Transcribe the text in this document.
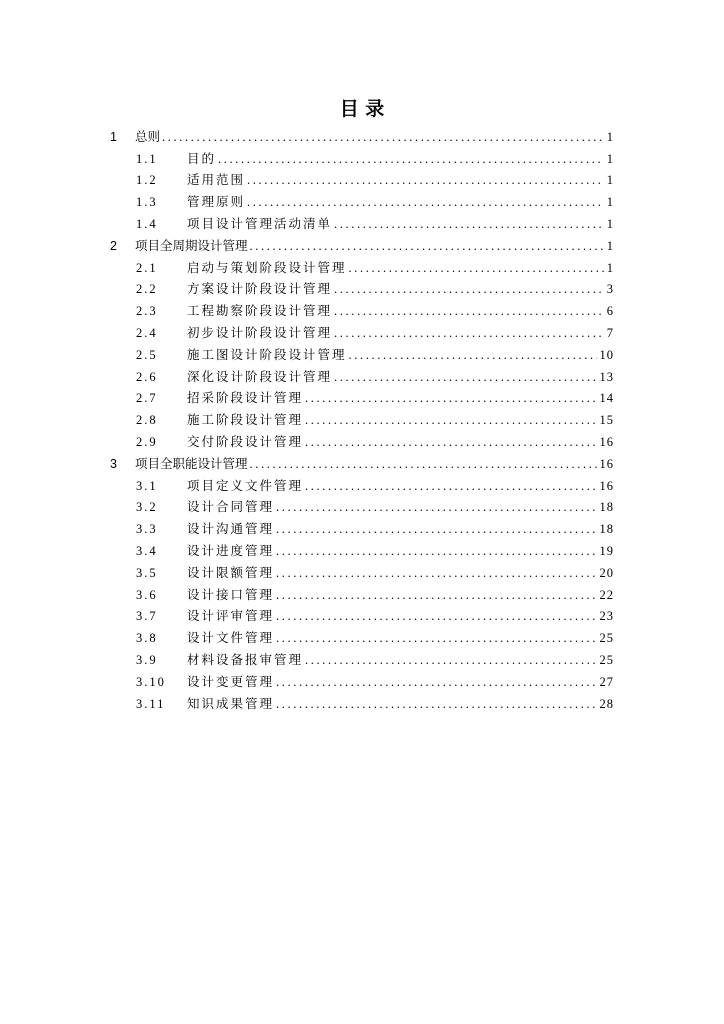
目 录
1 总则 . . .	1
1.1 目的 . . .	1
1.2 适用范围 . . .	1
1.3 管理原则 . . .	1
1.4 项目设计管理活动清单 . . .	1
2 项目全周期设计管理 . . .	1
2.1 启动与策划阶段设计管理 . . .	1
2.2 方案设计阶段设计管理 . . .	3
2.3 工程勘察阶段设计管理 . . .	6
2.4 初步设计阶段设计管理 . . .	7
2.5 施工图设计阶段设计管理 . . .	10
2.6 深化设计阶段设计管理 . . .	13
2.7 招采阶段设计管理 . . .	14
2.8 施工阶段设计管理 . . .	15
2.9 交付阶段设计管理 . . .	16
3 项目全职能设计管理 . . .	16
3.1 项目定义文件管理 . . .	16
3.2 设计合同管理 . . .	18
3.3 设计沟通管理 . . .	18
3.4 设计进度管理 . . .	19
3.5 设计限额管理 . . .	20
3.6 设计接口管理 . . .	22
3.7 设计评审管理 . . .	23
3.8 设计文件管理 . . .	25
3.9 材料设备报审管理 . . .	25
3.10 设计变更管理 . . .	27
3.11 知识成果管理 . . .	28
